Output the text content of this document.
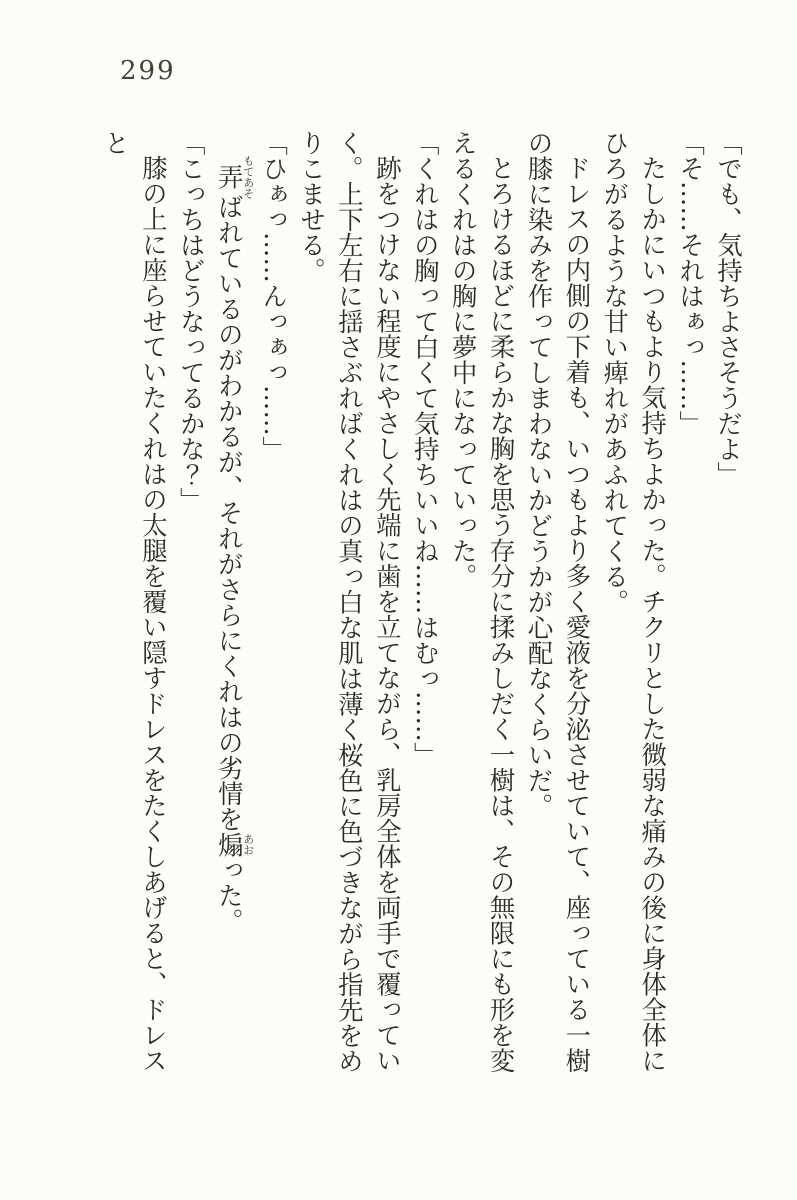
299

「でも、気持ちよさそうだよ」

「そ……それはぁっ……」

たしかにいつもより気持ちよかった。チクリとした微弱な痛みの後に身体全体にひろがるような甘い痺れがあふれてくる。

ドレスの内側の下着も、いつもより多く愛液を分泌させていて、座っている一樹の膝に染みを作ってしまわないかどうかが心配なくらいだ。

とろけるほどに柔らかな胸を思う存分に揉みしだく一樹は、その無限にも形を変えるくれはの胸に夢中になっていった。

「くれはの胸って白くて気持ちいいね……はむっ……」

跡をつけない程度にやさしく先端に歯を立てながら、乳房全体を両手で覆っていく。上下左右に揺さぶればくれはの真っ白な肌は薄く桜色に色づきながら指先をめりこませる。

「ひぁっ……んっぁっ……」

弄もてあそばれているのがわかるが、それがさらにくれはの劣情を煽あおった。

「こっちはどうなってるかな？」

膝の上に座らせていたくれはの太腿を覆い隠すドレスをたくしあげると、ドレスと
